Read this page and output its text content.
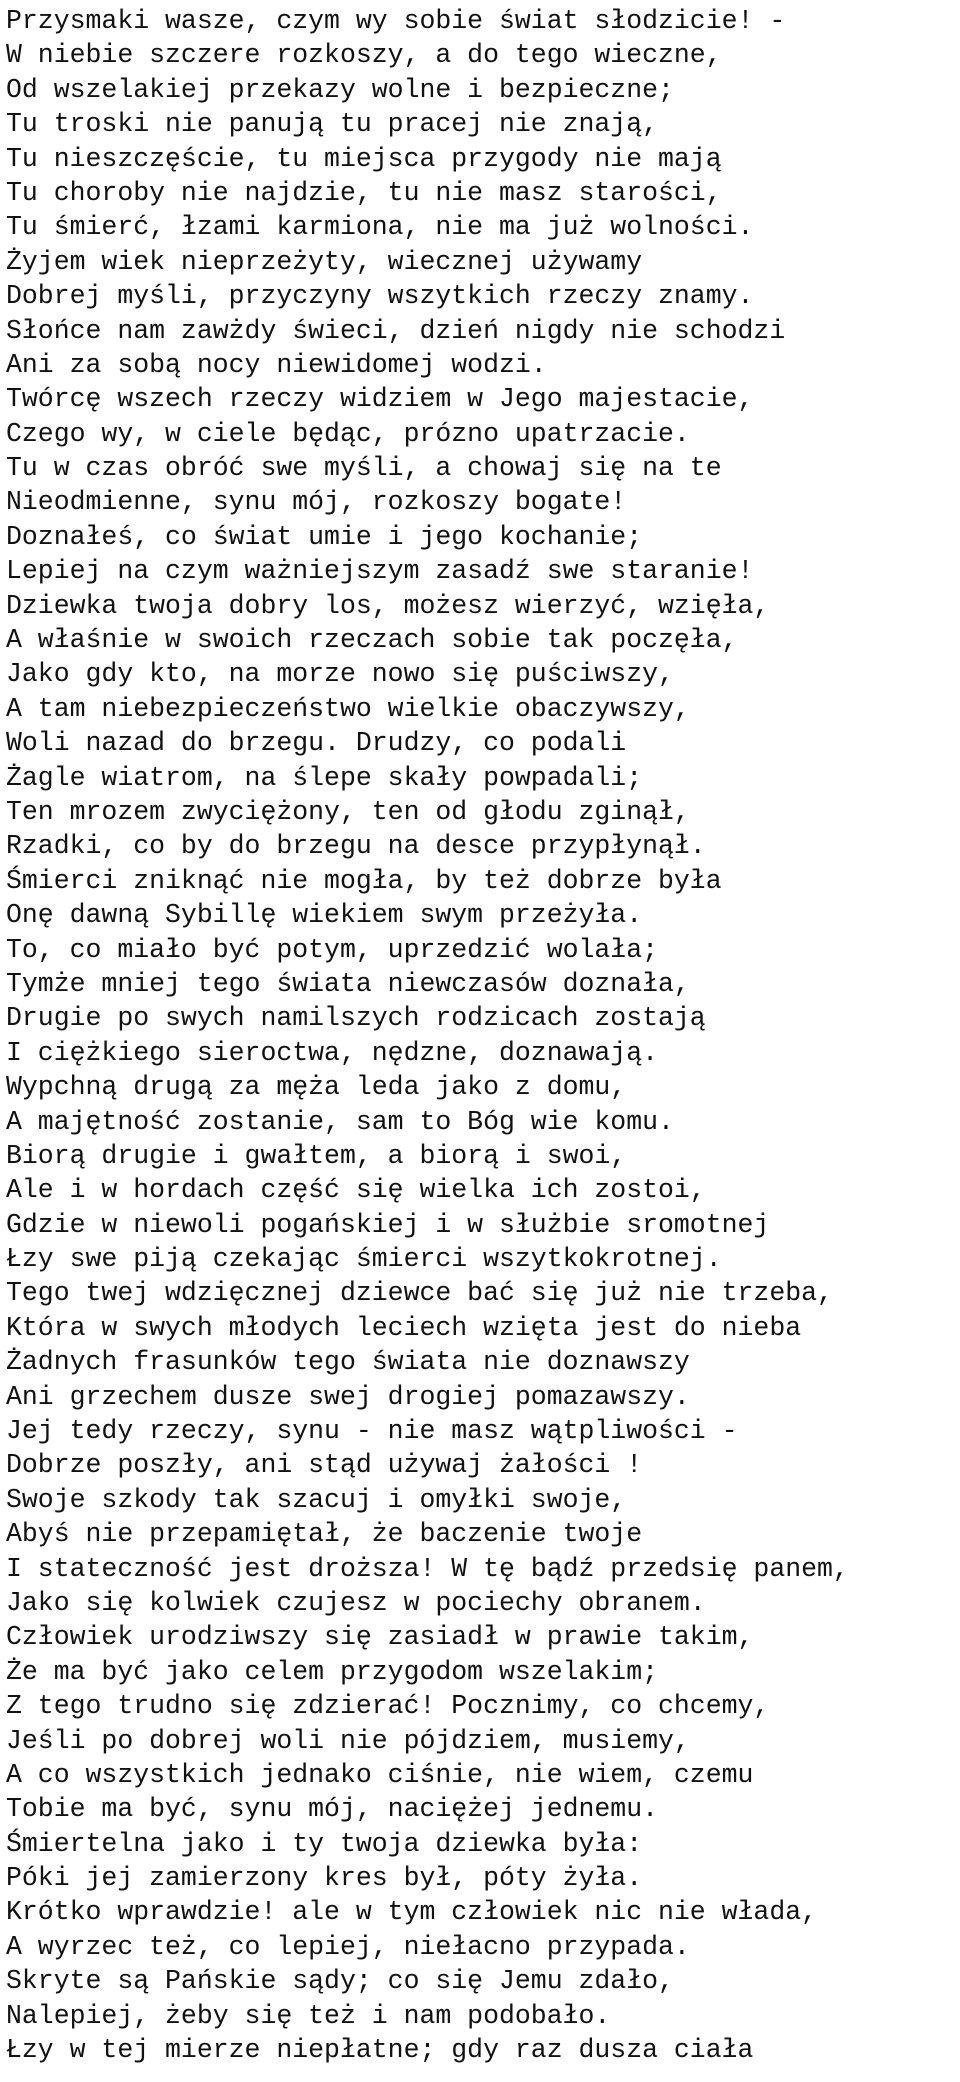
Przysmaki wasze, czym wy sobie świat słodzicie! -
W niebie szczere rozkoszy, a do tego wieczne,
Od wszelakiej przekazy wolne i bezpieczne;
Tu troski nie panują tu pracej nie znają,
Tu nieszczęście, tu miejsca przygody nie mają
Tu choroby nie najdzie, tu nie masz starości,
Tu śmierć, łzami karmiona, nie ma już wolności.
Żyjem wiek nieprzeżyty, wiecznej używamy
Dobrej myśli, przyczyny wszytkich rzeczy znamy.
Słońce nam zawżdy świeci, dzień nigdy nie schodzi
Ani za sobą nocy niewidomej wodzi.
Twórcę wszech rzeczy widziem w Jego majestacie,
Czego wy, w ciele będąc, prózno upatrzacie.
Tu w czas obróć swe myśli, a chowaj się na te
Nieodmienne, synu mój, rozkoszy bogate!
Doznałeś, co świat umie i jego kochanie;
Lepiej na czym ważniejszym zasadź swe staranie!
Dziewka twoja dobry los, możesz wierzyć, wzięła,
A właśnie w swoich rzeczach sobie tak poczęła,
Jako gdy kto, na morze nowo się puściwszy,
A tam niebezpieczeństwo wielkie obaczywszy,
Woli nazad do brzegu. Drudzy, co podali
Żagle wiatrom, na ślepe skały powpadali;
Ten mrozem zwyciężony, ten od głodu zginął,
Rzadki, co by do brzegu na desce przypłynął.
Śmierci zniknąć nie mogła, by też dobrze była
Onę dawną Sybillę wiekiem swym przeżyła.
To, co miało być potym, uprzedzić wolała;
Tymże mniej tego świata niewczasów doznała,
Drugie po swych namilszych rodzicach zostają
I ciężkiego sieroctwa, nędzne, doznawają.
Wypchną drugą za męża leda jako z domu,
A majętność zostanie, sam to Bóg wie komu.
Biorą drugie i gwałtem, a biorą i swoi,
Ale i w hordach część się wielka ich zostoi,
Gdzie w niewoli pogańskiej i w służbie sromotnej
Łzy swe piją czekając śmierci wszytkokrotnej.
Tego twej wdzięcznej dziewce bać się już nie trzeba,
Która w swych młodych leciech wzięta jest do nieba
Żadnych frasunków tego świata nie doznawszy
Ani grzechem dusze swej drogiej pomazawszy.
Jej tedy rzeczy, synu - nie masz wątpliwości -
Dobrze poszły, ani stąd używaj żałości !
Swoje szkody tak szacuj i omyłki swoje,
Abyś nie przepamiętał, że baczenie twoje
I stateczność jest droższa! W tę bądź przedsię panem,
Jako się kolwiek czujesz w pociechy obranem.
Człowiek urodziwszy się zasiadł w prawie takim,
Że ma być jako celem przygodom wszelakim;
Z tego trudno się zdzierać! Pocznimy, co chcemy,
Jeśli po dobrej woli nie pójdziem, musiemy,
A co wszystkich jednako ciśnie, nie wiem, czemu
Tobie ma być, synu mój, naciężej jednemu.
Śmiertelna jako i ty twoja dziewka była:
Póki jej zamierzony kres był, póty żyła.
Krótko wprawdzie! ale w tym człowiek nic nie włada,
A wyrzec też, co lepiej, niełacno przypada.
Skryte są Pańskie sądy; co się Jemu zdało,
Nalepiej, żeby się też i nam podobało.
Łzy w tej mierze niepłatne; gdy raz dusza ciała
